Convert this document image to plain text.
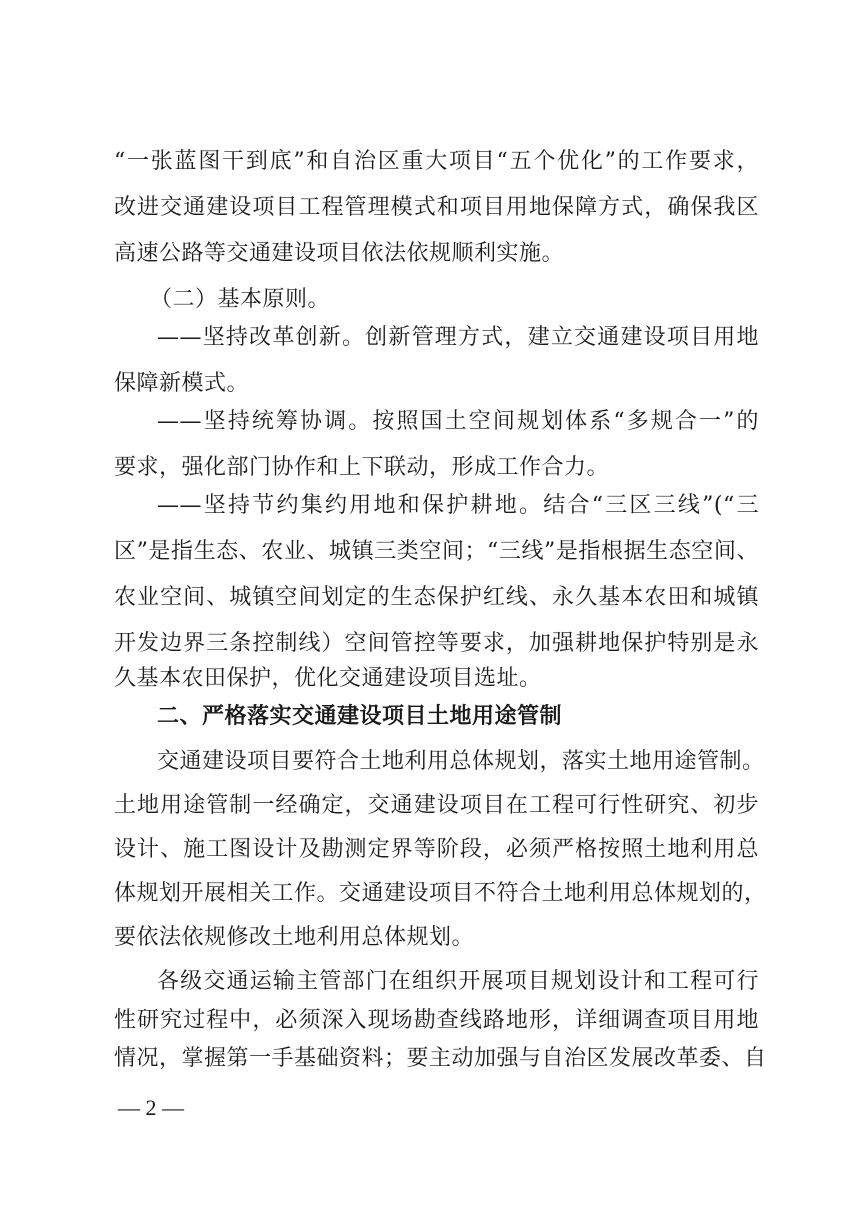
“一张蓝图干到底”和自治区重大项目“五个优化”的工作要求，
改进交通建设项目工程管理模式和项目用地保障方式，确保我区
高速公路等交通建设项目依法依规顺利实施。
（二）基本原则。
——坚持改革创新。创新管理方式，建立交通建设项目用地
保障新模式。
——坚持统筹协调。按照国土空间规划体系“多规合一”的
要求，强化部门协作和上下联动，形成工作合力。
——坚持节约集约用地和保护耕地。结合“三区三线”(“三
区”是指生态、农业、城镇三类空间；“三线”是指根据生态空间、
农业空间、城镇空间划定的生态保护红线、永久基本农田和城镇
开发边界三条控制线）空间管控等要求，加强耕地保护特别是永
久基本农田保护，优化交通建设项目选址。
二、严格落实交通建设项目土地用途管制
交通建设项目要符合土地利用总体规划，落实土地用途管制。
土地用途管制一经确定，交通建设项目在工程可行性研究、初步
设计、施工图设计及勘测定界等阶段，必须严格按照土地利用总
体规划开展相关工作。交通建设项目不符合土地利用总体规划的，
要依法依规修改土地利用总体规划。
各级交通运输主管部门在组织开展项目规划设计和工程可行
性研究过程中，必须深入现场勘查线路地形，详细调查项目用地
情况，掌握第一手基础资料；要主动加强与自治区发展改革委、自
— 2 —
